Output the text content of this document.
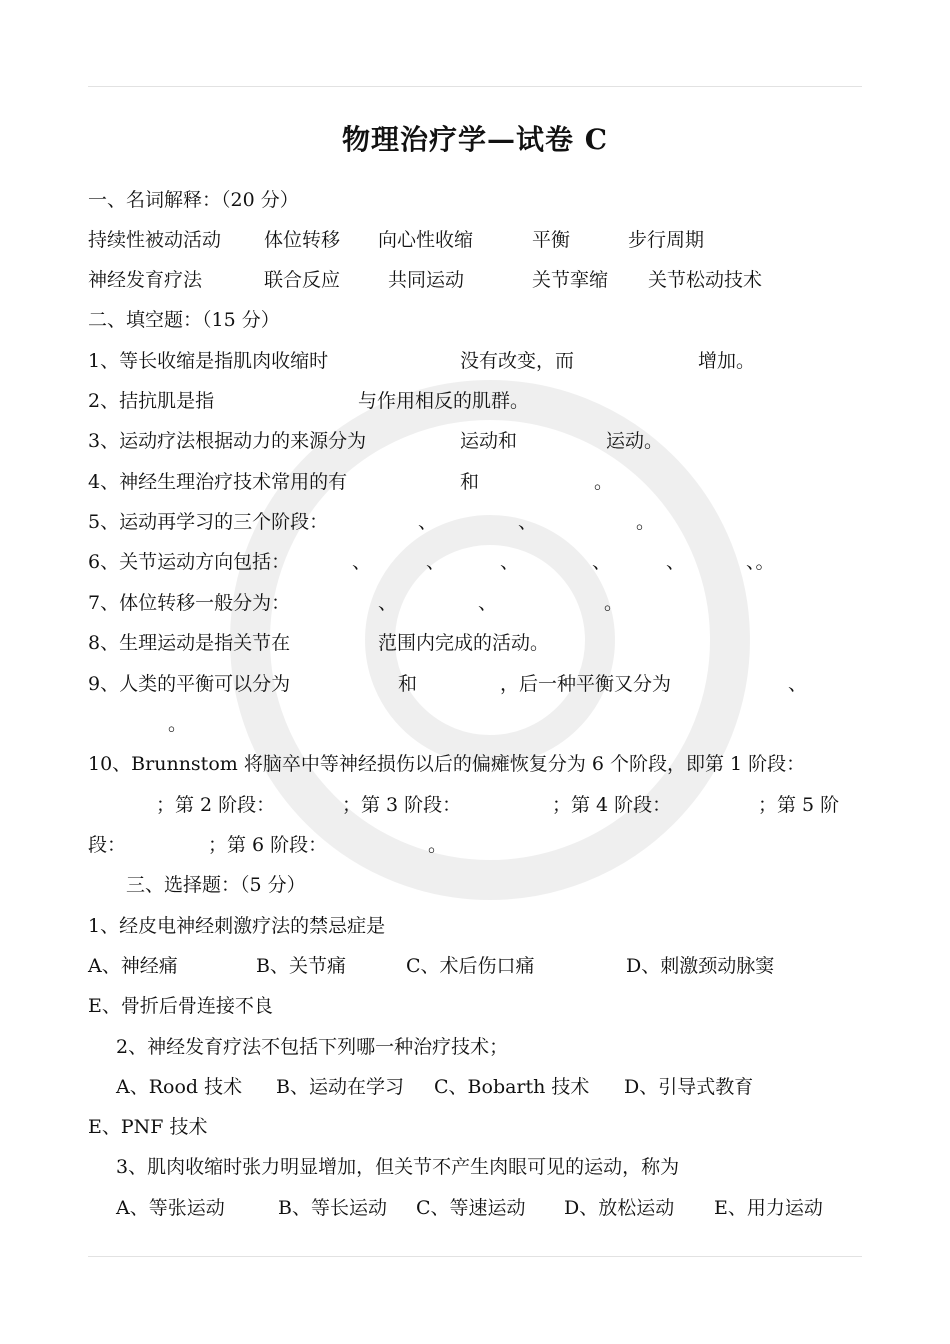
物理治疗学—试卷 C
一、名词解释：（20 分）
持续性被动活动 体位转移 向心性收缩	平衡	步行周期
神经发育疗法	联合反应	共同运动	关节挛缩 关节松动技术
二、填空题：（15 分）
1、等长收缩是指肌肉收缩时	没有改变，而	增加。
2、拮抗肌是指	与作用相反的肌群。
3、运动疗法根据动力的来源分为	运动和	运动。
4、神经生理治疗技术常用的有	和	。
5、运动再学习的三个阶段：	、	、	。
6、关节运动方向包括：	、	、	、	、	、	、。
7、体位转移一般分为：	、	、	。
8、生理运动是指关节在	范围内完成的活动。
9、人类的平衡可以分为	和	，后一种平衡又分为	、
。
10、Brunnstom 将脑卒中等神经损伤以后的偏瘫恢复分为 6 个阶段，即第 1 阶段：
；第 2 阶段：	；第 3 阶段：	；第 4 阶段：	；第 5 阶
段：	；第 6 阶段：	。
三、选择题：（5 分）
1、经皮电神经刺激疗法的禁忌症是
A、神经痛	B、关节痛	C、术后伤口痛	D、刺激颈动脉窦
E、骨折后骨连接不良
2、神经发育疗法不包括下列哪一种治疗技术；
A、Rood 技术 B、运动在学习 C、Bobarth 技术 D、引导式教育
E、PNF 技术
3、肌肉收缩时张力明显增加，但关节不产生肉眼可见的运动，称为
A、等张运动	B、等长运动 C、等速运动 D、放松运动 E、用力运动
